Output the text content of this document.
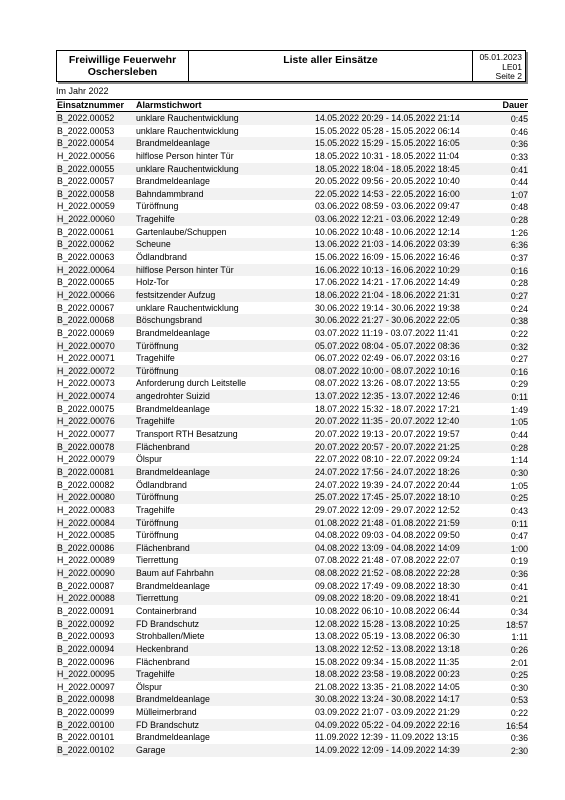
Freiwillige Feuerwehr
Oschersleben
Liste aller Einsätze	05.01.2023
LE01
Seite 2
Im Jahr 2022
Einsatznummer Alarmstichwort	Dauer
B_2022.00052 unklare Rauchentwicklung	14.05.2022 20:29 - 14.05.2022 21:14	0:45
B_2022.00053 unklare Rauchentwicklung	15.05.2022 05:28 - 15.05.2022 06:14	0:46
B_2022.00054 Brandmeldeanlage	15.05.2022 15:29 - 15.05.2022 16:05	0:36
H_2022.00056 hilflose Person hinter Tür	18.05.2022 10:31 - 18.05.2022 11:04	0:33
B_2022.00055 unklare Rauchentwicklung	18.05.2022 18:04 - 18.05.2022 18:45	0:41
B_2022.00057 Brandmeldeanlage	20.05.2022 09:56 - 20.05.2022 10:40	0:44
B_2022.00058 Bahndammbrand	22.05.2022 14:53 - 22.05.2022 16:00	1:07
H_2022.00059 Türöffnung	03.06.2022 08:59 - 03.06.2022 09:47	0:48
H_2022.00060 Tragehilfe	03.06.2022 12:21 - 03.06.2022 12:49	0:28
B_2022.00061 Gartenlaube/Schuppen	10.06.2022 10:48 - 10.06.2022 12:14	1:26
B_2022.00062 Scheune	13.06.2022 21:03 - 14.06.2022 03:39	6:36
B_2022.00063 Ödlandbrand	15.06.2022 16:09 - 15.06.2022 16:46	0:37
H_2022.00064 hilflose Person hinter Tür	16.06.2022 10:13 - 16.06.2022 10:29	0:16
B_2022.00065 Holz-Tor	17.06.2022 14:21 - 17.06.2022 14:49	0:28
H_2022.00066 festsitzender Aufzug	18.06.2022 21:04 - 18.06.2022 21:31	0:27
B_2022.00067 unklare Rauchentwicklung	30.06.2022 19:14 - 30.06.2022 19:38	0:24
B_2022.00068 Böschungsbrand	30.06.2022 21:27 - 30.06.2022 22:05	0:38
B_2022.00069 Brandmeldeanlage	03.07.2022 11:19 - 03.07.2022 11:41	0:22
H_2022.00070 Türöffnung	05.07.2022 08:04 - 05.07.2022 08:36	0:32
H_2022.00071 Tragehilfe	06.07.2022 02:49 - 06.07.2022 03:16	0:27
H_2022.00072 Türöffnung	08.07.2022 10:00 - 08.07.2022 10:16	0:16
H_2022.00073 Anforderung durch Leitstelle	08.07.2022 13:26 - 08.07.2022 13:55	0:29
H_2022.00074 angedrohter Suizid	13.07.2022 12:35 - 13.07.2022 12:46	0:11
B_2022.00075 Brandmeldeanlage	18.07.2022 15:32 - 18.07.2022 17:21	1:49
H_2022.00076 Tragehilfe	20.07.2022 11:35 - 20.07.2022 12:40	1:05
H_2022.00077 Transport RTH Besatzung	20.07.2022 19:13 - 20.07.2022 19:57	0:44
B_2022.00078 Flächenbrand	20.07.2022 20:57 - 20.07.2022 21:25	0:28
H_2022.00079 Ölspur	22.07.2022 08:10 - 22.07.2022 09:24	1:14
B_2022.00081 Brandmeldeanlage	24.07.2022 17:56 - 24.07.2022 18:26	0:30
B_2022.00082 Ödlandbrand	24.07.2022 19:39 - 24.07.2022 20:44	1:05
H_2022.00080 Türöffnung	25.07.2022 17:45 - 25.07.2022 18:10	0:25
H_2022.00083 Tragehilfe	29.07.2022 12:09 - 29.07.2022 12:52	0:43
H_2022.00084 Türöffnung	01.08.2022 21:48 - 01.08.2022 21:59	0:11
H_2022.00085 Türöffnung	04.08.2022 09:03 - 04.08.2022 09:50	0:47
B_2022.00086 Flächenbrand	04.08.2022 13:09 - 04.08.2022 14:09	1:00
H_2022.00089 Tierrettung	07.08.2022 21:48 - 07.08.2022 22:07	0:19
H_2022.00090 Baum auf Fahrbahn	08.08.2022 21:52 - 08.08.2022 22:28	0:36
B_2022.00087 Brandmeldeanlage	09.08.2022 17:49 - 09.08.2022 18:30	0:41
H_2022.00088 Tierrettung	09.08.2022 18:20 - 09.08.2022 18:41	0:21
B_2022.00091 Containerbrand	10.08.2022 06:10 - 10.08.2022 06:44	0:34
B_2022.00092 FD Brandschutz	12.08.2022 15:28 - 13.08.2022 10:25	18:57
B_2022.00093 Strohballen/Miete	13.08.2022 05:19 - 13.08.2022 06:30	1:11
B_2022.00094 Heckenbrand	13.08.2022 12:52 - 13.08.2022 13:18	0:26
B_2022.00096 Flächenbrand	15.08.2022 09:34 - 15.08.2022 11:35	2:01
H_2022.00095 Tragehilfe	18.08.2022 23:58 - 19.08.2022 00:23	0:25
H_2022.00097 Ölspur	21.08.2022 13:35 - 21.08.2022 14:05	0:30
B_2022.00098 Brandmeldeanlage	30.08.2022 13:24 - 30.08.2022 14:17	0:53
B_2022.00099 Mülleimerbrand	03.09.2022 21:07 - 03.09.2022 21:29	0:22
B_2022.00100 FD Brandschutz	04.09.2022 05:22 - 04.09.2022 22:16	16:54
B_2022.00101 Brandmeldeanlage	11.09.2022 12:39 - 11.09.2022 13:15	0:36
B_2022.00102 Garage	14.09.2022 12:09 - 14.09.2022 14:39	2:30
